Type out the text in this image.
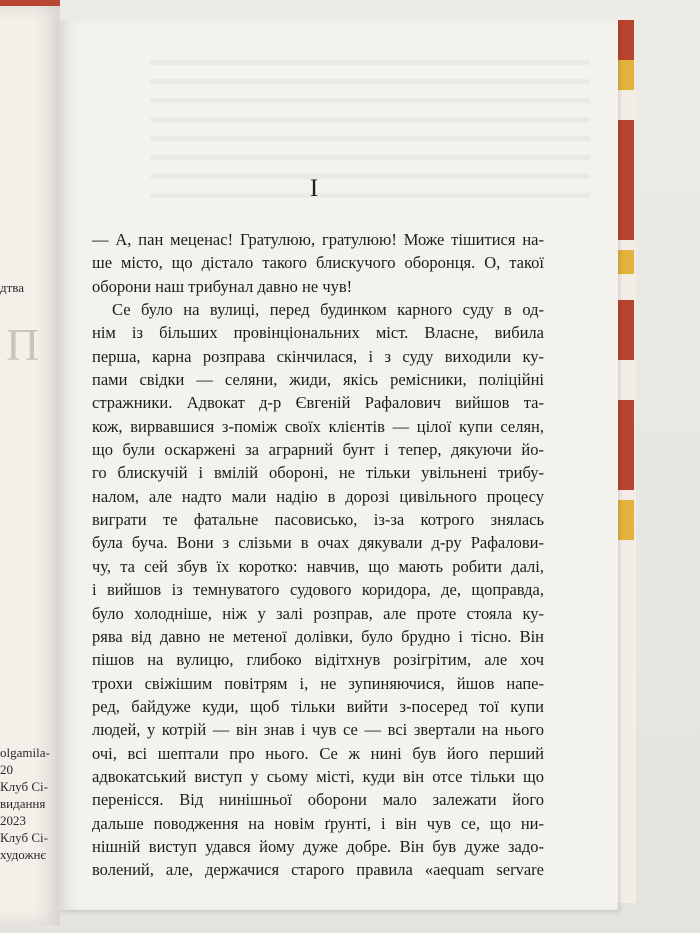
П
дтва
olgamila-
20
Клуб Сі-
видання
2023
Клуб Сі-
художнє
I
— А, пан меценас! Гратулюю, гратулюю! Може тішитися на-
ше місто, що дістало такого блискучого оборонця. О, такої
оборони наш трибунал давно не чув!
Се було на вулиці, перед будинком карного суду в од-
нім із більших провінціональних міст. Власне, вибила
перша, карна розправа скінчилася, і з суду виходили ку-
пами свідки — селяни, жиди, якісь ремісники, поліційні
стражники. Адвокат д-р Євгеній Рафалович вийшов та-
кож, вирвавшися з-поміж своїх клієнтів — цілої купи селян,
що були оскаржені за аграрний бунт і тепер, дякуючи йо-
го блискучій і вмілій обороні, не тільки увільнені трибу-
налом, але надто мали надію в дорозі цивільного процесу
виграти те фатальне пасовисько, із-за котрого знялась
була буча. Вони з слізьми в очах дякували д-ру Рафалови-
чу, та сей збув їх коротко: навчив, що мають робити далі,
і вийшов із темнуватого судового коридора, де, щоправда,
було холодніше, ніж у залі розправ, але проте стояла ку-
рява від давно не метеної долівки, було брудно і тісно. Він
пішов на вулицю, глибоко відітхнув розігрітим, але хоч
трохи свіжішим повітрям і, не зупиняючися, йшов напе-
ред, байдуже куди, щоб тільки вийти з-посеред тої купи
людей, у котрій — він знав і чув се — всі звертали на нього
очі, всі шептали про нього. Се ж нині був його перший
адвокатський виступ у сьому місті, куди він отсе тільки що
перенісся. Від нинішньої оборони мало залежати його
дальше поводження на новім ґрунті, і він чув се, що ни-
нішній виступ удався йому дуже добре. Він був дуже задо-
волений, але, держачися старого правила «aequam servare
